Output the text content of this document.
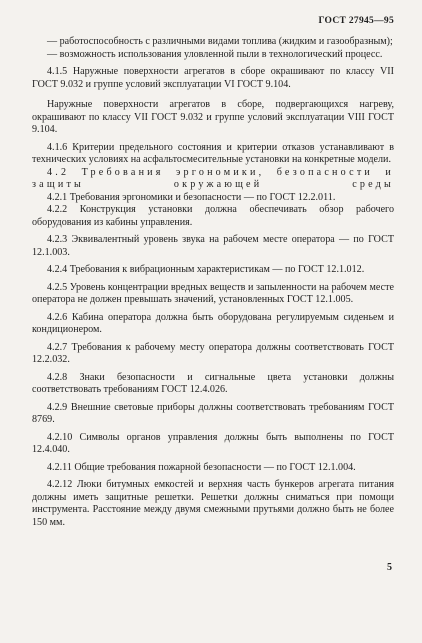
ГОСТ 27945—95

— работоспособность с различными видами топлива (жидким и газообразным);

— возможность использования уловленной пыли в технологический процесс.

4.1.5 Наружные поверхности агрегатов в сборе окрашивают по классу VII ГОСТ 9.032 и группе условий эксплуатации VI ГОСТ 9.104.

Наружные поверхности агрегатов в сборе, подвергающихся нагреву, окрашивают по классу VII ГОСТ 9.032 и группе условий эксплуатации VIII ГОСТ 9.104.

4.1.6 Критерии предельного состояния и критерии отказов устанавливают в технических условиях на асфальтосмесительные установки на конкретные модели.

4.2 Требования эргономики, безопасности и защиты окружающей среды

4.2.1 Требования эргономики и безопасности — по ГОСТ 12.2.011.

4.2.2 Конструкция установки должна обеспечивать обзор рабочего оборудования из кабины управления.

4.2.3 Эквивалентный уровень звука на рабочем месте оператора — по ГОСТ 12.1.003.

4.2.4 Требования к вибрационным характеристикам — по ГОСТ 12.1.012.

4.2.5 Уровень концентрации вредных веществ и запыленности на рабочем месте оператора не должен превышать значений, установленных ГОСТ 12.1.005.

4.2.6 Кабина оператора должна быть оборудована регулируемым сиденьем и кондиционером.

4.2.7 Требования к рабочему месту оператора должны соответствовать ГОСТ 12.2.032.

4.2.8 Знаки безопасности и сигнальные цвета установки должны соответствовать требованиям ГОСТ 12.4.026.

4.2.9 Внешние световые приборы должны соответствовать требованиям ГОСТ 8769.

4.2.10 Символы органов управления должны быть выполнены по ГОСТ 12.4.040.

4.2.11 Общие требования пожарной безопасности — по ГОСТ 12.1.004.

4.2.12 Люки битумных емкостей и верхняя часть бункеров агрегата питания должны иметь защитные решетки. Решетки должны сниматься при помощи инструмента. Расстояние между двумя смежными прутьями должно быть не более 150 мм.

5
